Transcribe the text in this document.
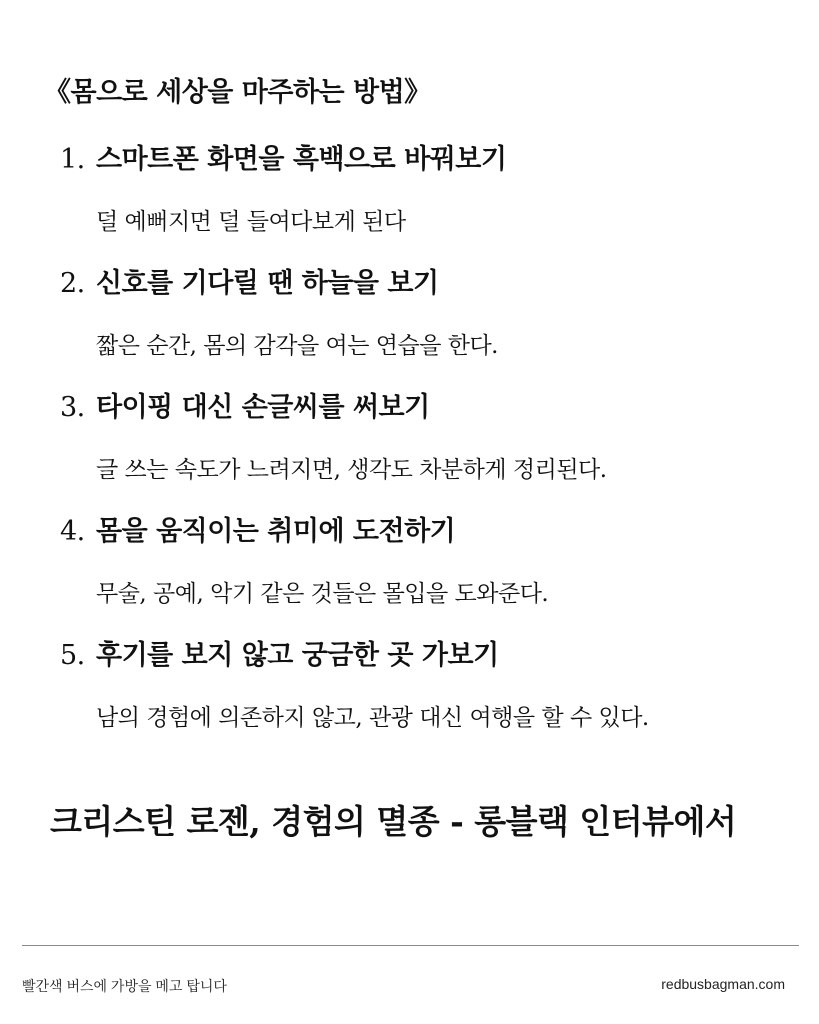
《몸으로 세상을 마주하는 방법》
1. 스마트폰 화면을 흑백으로 바꿔보기
덜 예뻐지면 덜 들여다보게 된다
2. 신호를 기다릴 땐 하늘을 보기
짧은 순간, 몸의 감각을 여는 연습을 한다.
3. 타이핑 대신 손글씨를 써보기
글 쓰는 속도가 느려지면, 생각도 차분하게 정리된다.
4. 몸을 움직이는 취미에 도전하기
무술, 공예, 악기 같은 것들은 몰입을 도와준다.
5. 후기를 보지 않고 궁금한 곳 가보기
남의 경험에 의존하지 않고, 관광 대신 여행을 할 수 있다.
크리스틴 로젠, 경험의 멸종 - 롱블랙 인터뷰에서
빨간색 버스에 가방을 메고 탑니다	redbusbagman.com
